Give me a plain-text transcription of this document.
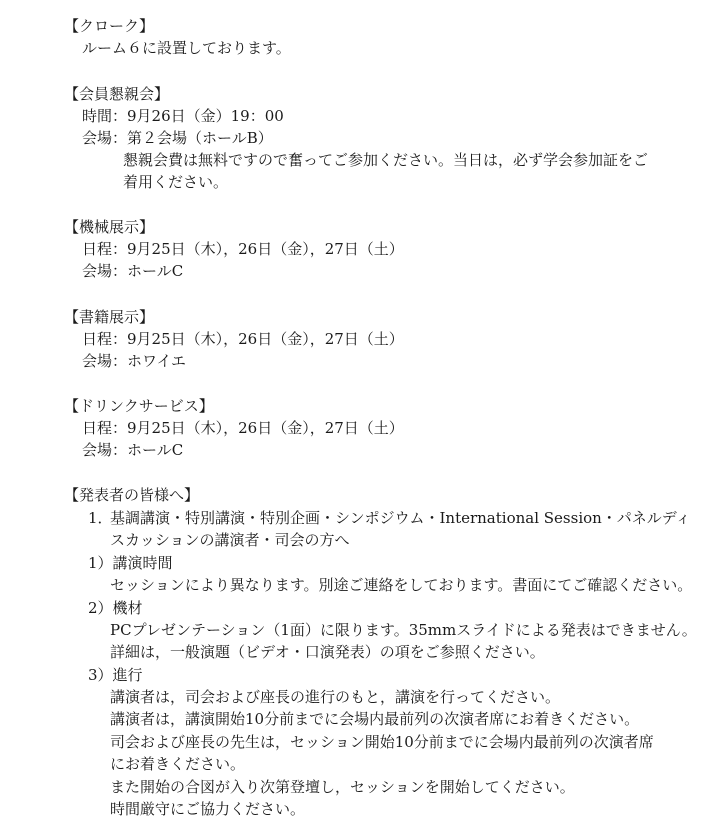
【クローク】
ルーム６に設置しております。
【会員懇親会】
時間：9月26日（金）19：00
会場：第２会場（ホールB）
懇親会費は無料ですので奮ってご参加ください。当日は，必ず学会参加証をご
着用ください。
【機械展示】
日程：9月25日（木），26日（金），27日（土）
会場：ホールC
【書籍展示】
日程：9月25日（木），26日（金），27日（土）
会場：ホワイエ
【ドリンクサービス】
日程：9月25日（木），26日（金），27日（土）
会場：ホールC
【発表者の皆様へ】
1．
基調講演・特別講演・特別企画・シンポジウム・International Session・パネルディ
スカッションの講演者・司会の方へ
1）講演時間
セッションにより異なります。別途ご連絡をしております。書面にてご確認ください。
2）機材
PCプレゼンテーション（1面）に限ります。35mmスライドによる発表はできません。
詳細は，一般演題（ビデオ・口演発表）の項をご参照ください。
3）進行
講演者は，司会および座長の進行のもと，講演を行ってください。
講演者は，講演開始10分前までに会場内最前列の次演者席にお着きください。
司会および座長の先生は，セッション開始10分前までに会場内最前列の次演者席
にお着きください。
また開始の合図が入り次第登壇し，セッションを開始してください。
時間厳守にご協力ください。
